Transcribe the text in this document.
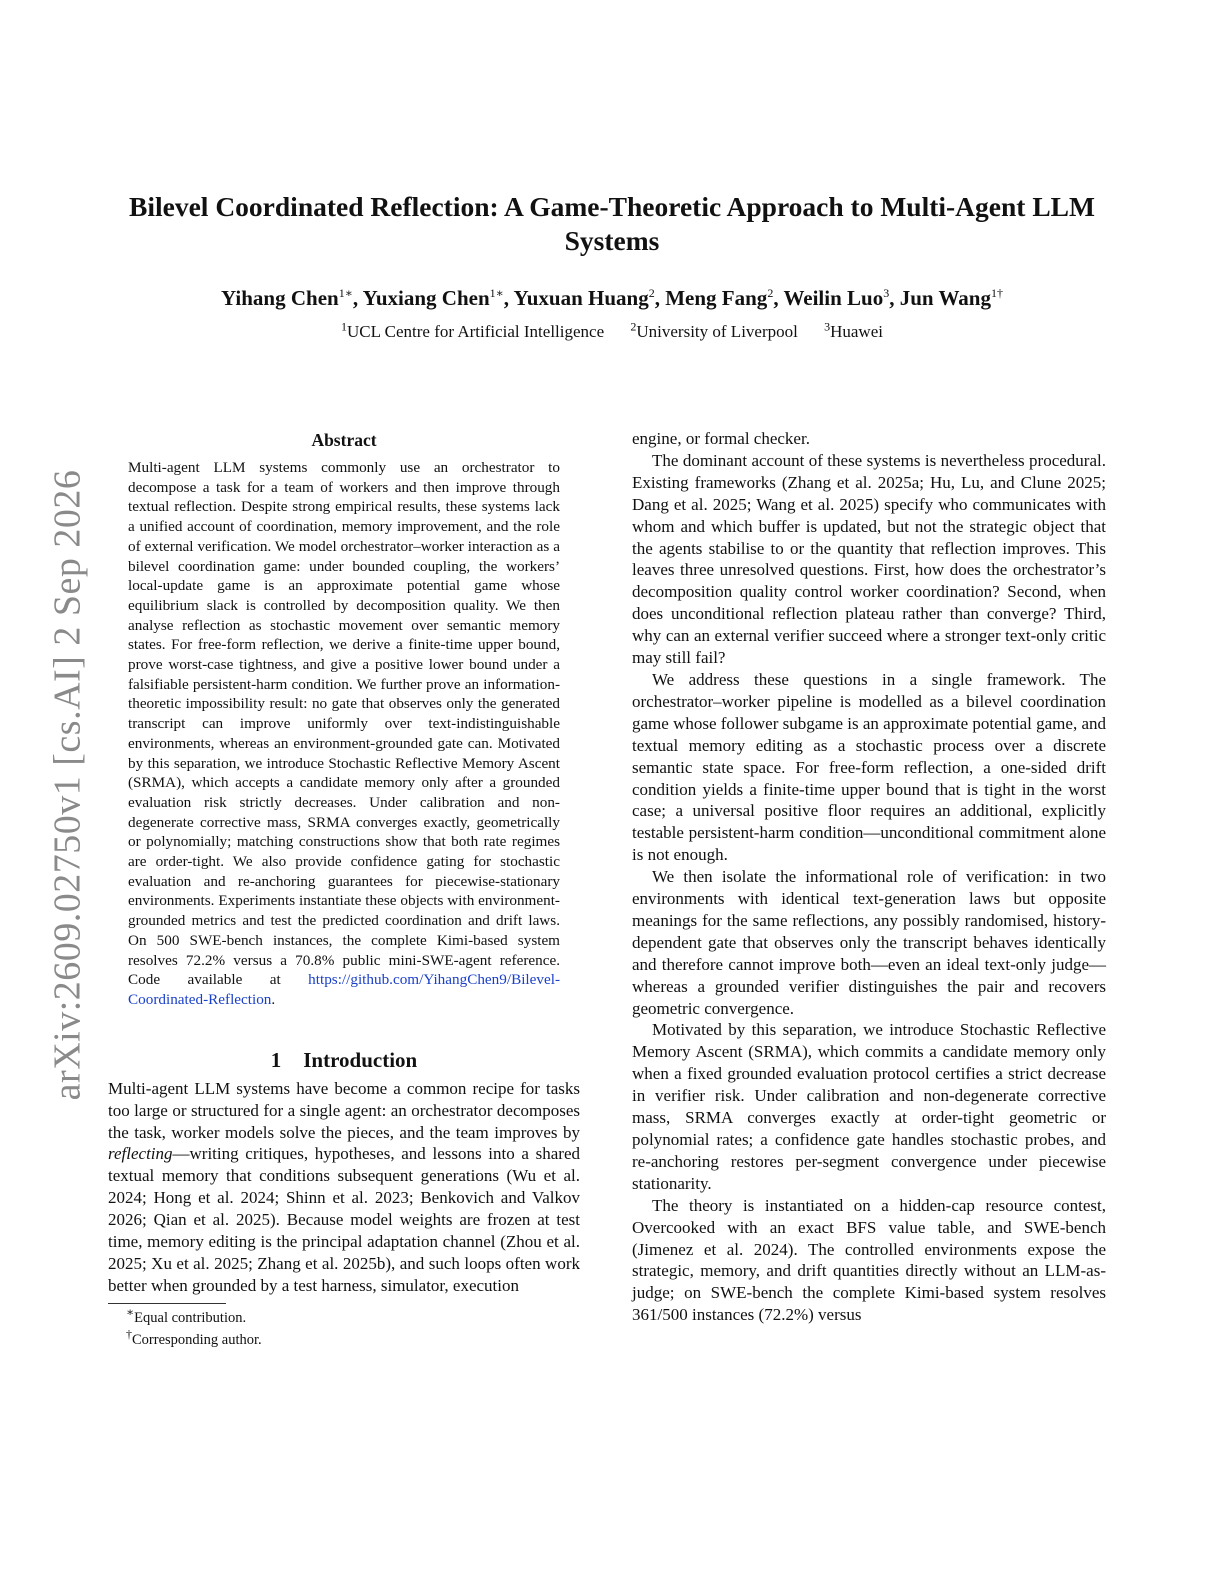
arXiv:2609.02750v1 [cs.AI] 2 Sep 2026
Bilevel Coordinated Reflection: A Game-Theoretic Approach to Multi-Agent LLM Systems

Yihang Chen$^{1∗}$, Yuxiang Chen$^{1∗}$, Yuxuan Huang$^2$, Meng Fang$^2$, Weilin Luo$^3$, Jun Wang$^{1\dagger}$

$^1$UCL Centre for Artificial Intelligence $^2$University of Liverpool $^3$Huawei

Abstract

Multi-agent LLM systems commonly use an orchestrator to decompose a task for a team of workers and then improve through textual reflection. Despite strong empirical results, these systems lack a unified account of coordination, memory improvement, and the role of external verification. We model orchestrator–worker interaction as a bilevel coordination game: under bounded coupling, the workers’ local-update game is an approximate potential game whose equilibrium slack is controlled by decomposition quality. We then analyse reflection as stochastic movement over semantic memory states. For free-form reflection, we derive a finite-time upper bound, prove worst-case tightness, and give a positive lower bound under a falsifiable persistent-harm condition. We further prove an information-theoretic impossibility result: no gate that observes only the generated transcript can improve uniformly over text-indistinguishable environments, whereas an environment-grounded gate can. Motivated by this separation, we introduce Stochastic Reflective Memory Ascent (SRMA), which accepts a candidate memory only after a grounded evaluation risk strictly decreases. Under calibration and non-degenerate corrective mass, SRMA converges exactly, geometrically or polynomially; matching constructions show that both rate regimes are order-tight. We also provide confidence gating for stochastic evaluation and re-anchoring guarantees for piecewise-stationary environments. Experiments instantiate these objects with environment-grounded metrics and test the predicted coordination and drift laws. On 500 SWE-bench instances, the complete Kimi-based system resolves 72.2% versus a 70.8% public mini-SWE-agent reference. Code available at https://github.com/YihangChen9/Bilevel-Coordinated-Reflection.

1 Introduction

Multi-agent LLM systems have become a common recipe for tasks too large or structured for a single agent: an orchestrator decomposes the task, worker models solve the pieces, and the team improves by reflecting—writing critiques, hypotheses, and lessons into a shared textual memory that conditions subsequent generations (Wu et al. 2024; Hong et al. 2024; Shinn et al. 2023; Benkovich and Valkov 2026; Qian et al. 2025). Because model weights are frozen at test time, memory editing is the principal adaptation channel (Zhou et al. 2025; Xu et al. 2025; Zhang et al. 2025b), and such loops often work better when grounded by a test harness, simulator, execution

∗Equal contribution.
†Corresponding author.

engine, or formal checker.

The dominant account of these systems is nevertheless procedural. Existing frameworks (Zhang et al. 2025a; Hu, Lu, and Clune 2025; Dang et al. 2025; Wang et al. 2025) specify who communicates with whom and which buffer is updated, but not the strategic object that the agents stabilise to or the quantity that reflection improves. This leaves three unresolved questions. First, how does the orchestrator’s decomposition quality control worker coordination? Second, when does unconditional reflection plateau rather than converge? Third, why can an external verifier succeed where a stronger text-only critic may still fail?

We address these questions in a single framework. The orchestrator–worker pipeline is modelled as a bilevel coordination game whose follower subgame is an approximate potential game, and textual memory editing as a stochastic process over a discrete semantic state space. For free-form reflection, a one-sided drift condition yields a finite-time upper bound that is tight in the worst case; a universal positive floor requires an additional, explicitly testable persistent-harm condition—unconditional commitment alone is not enough.

We then isolate the informational role of verification: in two environments with identical text-generation laws but opposite meanings for the same reflections, any possibly randomised, history-dependent gate that observes only the transcript behaves identically and therefore cannot improve both—even an ideal text-only judge—whereas a grounded verifier distinguishes the pair and recovers geometric convergence.

Motivated by this separation, we introduce Stochastic Reflective Memory Ascent (SRMA), which commits a candidate memory only when a fixed grounded evaluation protocol certifies a strict decrease in verifier risk. Under calibration and non-degenerate corrective mass, SRMA converges exactly at order-tight geometric or polynomial rates; a confidence gate handles stochastic probes, and re-anchoring restores per-segment convergence under piecewise stationarity.

The theory is instantiated on a hidden-cap resource contest, Overcooked with an exact BFS value table, and SWE-bench (Jimenez et al. 2024). The controlled environments expose the strategic, memory, and drift quantities directly without an LLM-as-judge; on SWE-bench the complete Kimi-based system resolves 361/500 instances (72.2%) versus
